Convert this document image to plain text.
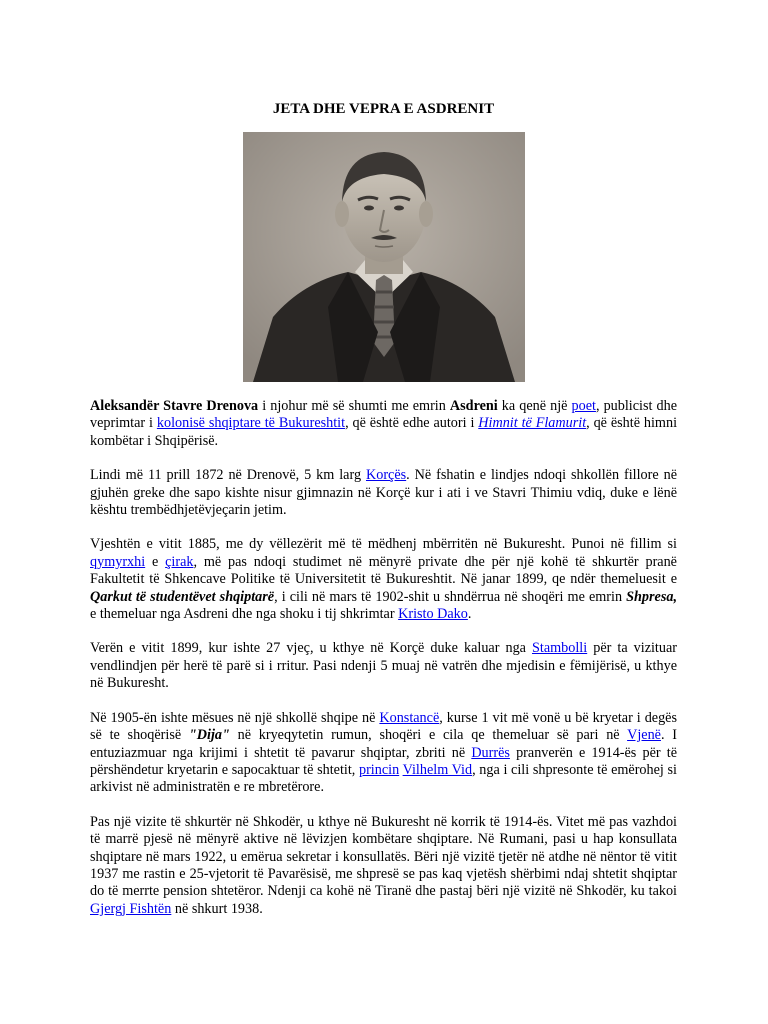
JETA DHE VEPRA E ASDRENIT

Aleksandër Stavre Drenova i njohur më së shumti me emrin Asdreni ka qenë një poet, publicist dhe veprimtar i kolonisë shqiptare të Bukureshtit, që është edhe autori i Himnit të Flamurit, që është himni kombëtar i Shqipërisë.

Lindi më 11 prill 1872 në Drenovë, 5 km larg Korçës. Në fshatin e lindjes ndoqi shkollën fillore në gjuhën greke dhe sapo kishte nisur gjimnazin në Korçë kur i ati i ve Stavri Thimiu vdiq, duke e lënë kështu trembëdhjetëvjeçarin jetim.

Vjeshtën e vitit 1885, me dy vëllezërit më të mëdhenj mbërritën në Bukuresht. Punoi në fillim si qymyrxhi e çirak, më pas ndoqi studimet në mënyrë private dhe për një kohë të shkurtër pranë Fakultetit të Shkencave Politike të Universitetit të Bukureshtit. Në janar 1899, qe ndër themeluesit e Qarkut të studentëvet shqiptarë, i cili në mars të 1902-shit u shndërrua në shoqëri me emrin Shpresa, e themeluar nga Asdreni dhe nga shoku i tij shkrimtar Kristo Dako.

Verën e vitit 1899, kur ishte 27 vjeç, u kthye në Korçë duke kaluar nga Stambolli për ta vizituar vendlindjen për herë të parë si i rritur. Pasi ndenji 5 muaj në vatrën dhe mjedisin e fëmijërisë, u kthye në Bukuresht.

Në 1905-ën ishte mësues në një shkollë shqipe në Konstancë, kurse 1 vit më vonë u bë kryetar i degës së te shoqërisë "Dija" në kryeqytetin rumun, shoqëri e cila qe themeluar së pari në Vjenë. I entuziazmuar nga krijimi i shtetit të pavarur shqiptar, zbriti në Durrës pranverën e 1914-ës për të përshëndetur kryetarin e sapocaktuar të shtetit, princin Vilhelm Vid, nga i cili shpresonte të emërohej si arkivist në administratën e re mbretërore.

Pas një vizite të shkurtër në Shkodër, u kthye në Bukuresht në korrik të 1914-ës. Vitet më pas vazhdoi të marrë pjesë në mënyrë aktive në lëvizjen kombëtare shqiptare. Në Rumani, pasi u hap konsullata shqiptare në mars 1922, u emërua sekretar i konsullatës. Bëri një vizitë tjetër në atdhe në nëntor të vitit 1937 me rastin e 25-vjetorit të Pavarësisë, me shpresë se pas kaq vjetësh shërbimi ndaj shtetit shqiptar do të merrte pension shtetëror. Ndenji ca kohë në Tiranë dhe pastaj bëri një vizitë në Shkodër, ku takoi Gjergj Fishtën në shkurt 1938.
